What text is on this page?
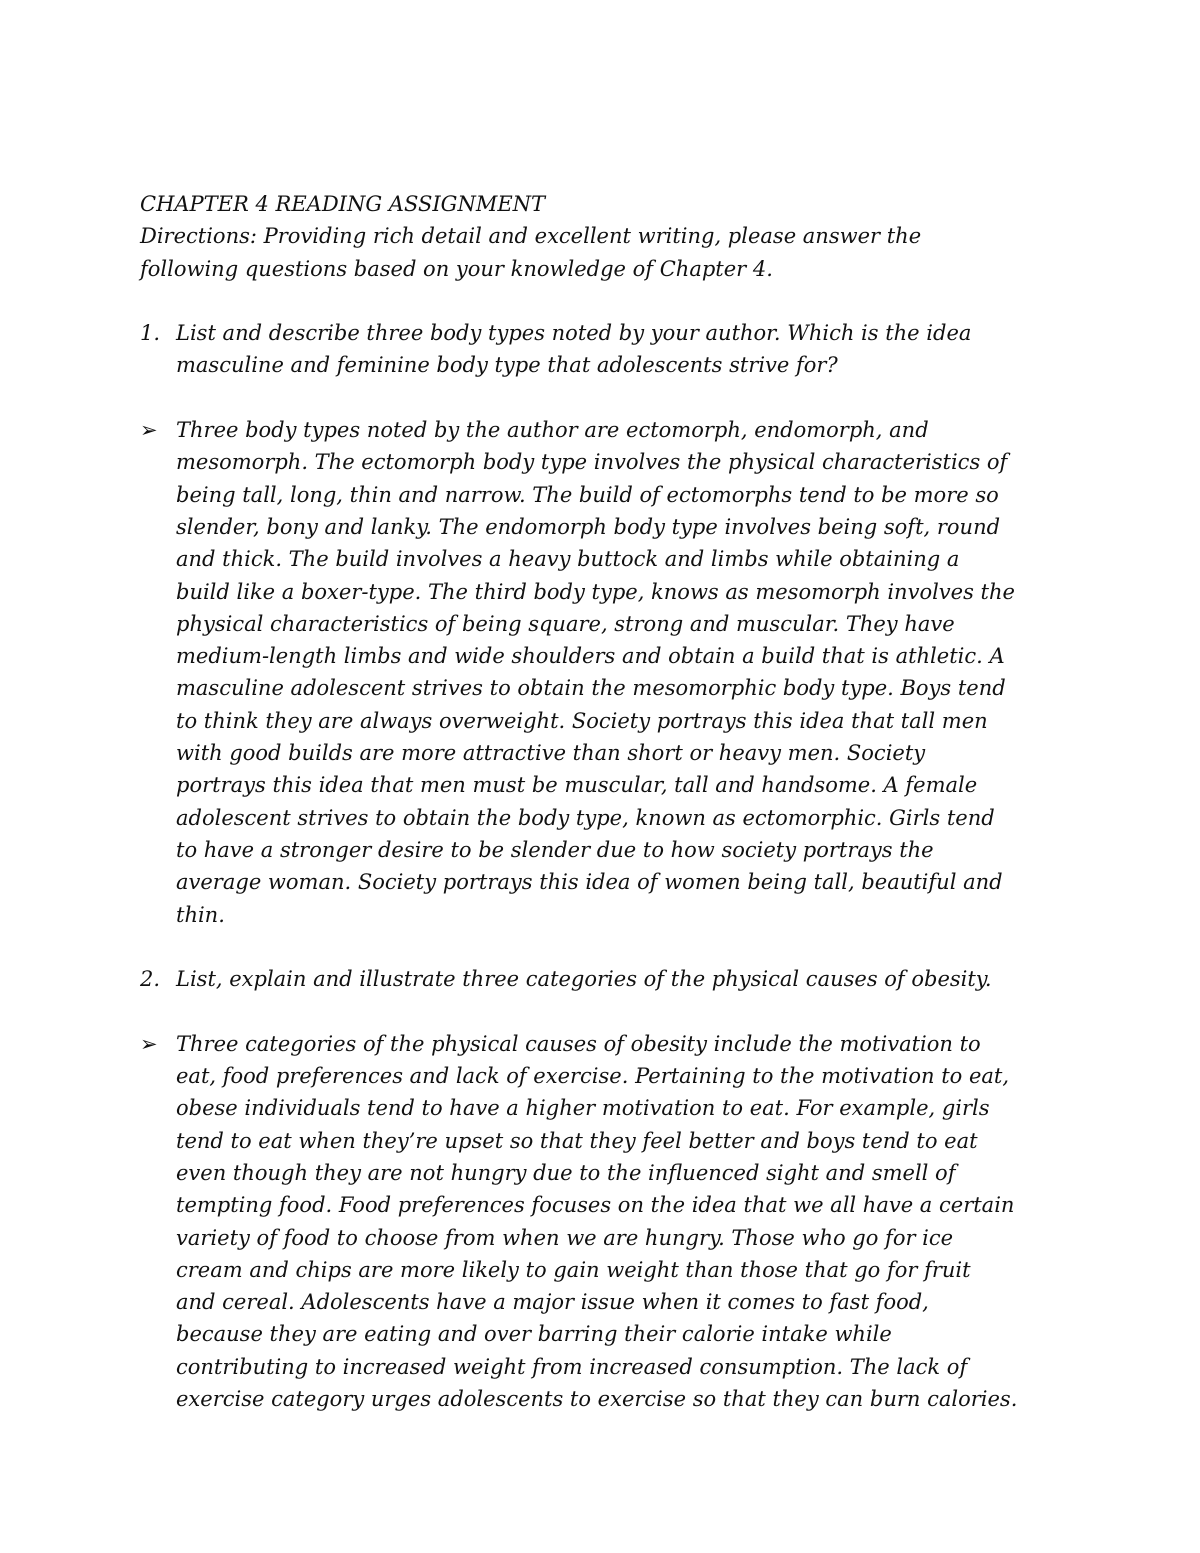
CHAPTER 4 READING ASSIGNMENT

Directions: Providing rich detail and excellent writing, please answer the
following questions based on your knowledge of Chapter 4.

1. List and describe three body types noted by your author. Which is the idea
masculine and feminine body type that adolescents strive for?
➢ Three body types noted by the author are ectomorph, endomorph, and
mesomorph. The ectomorph body type involves the physical characteristics of
being tall, long, thin and narrow. The build of ectomorphs tend to be more so
slender, bony and lanky. The endomorph body type involves being soft, round
and thick. The build involves a heavy buttock and limbs while obtaining a
build like a boxer-type. The third body type, knows as mesomorph involves the
physical characteristics of being square, strong and muscular. They have
medium-length limbs and wide shoulders and obtain a build that is athletic. A
masculine adolescent strives to obtain the mesomorphic body type. Boys tend
to think they are always overweight. Society portrays this idea that tall men
with good builds are more attractive than short or heavy men. Society
portrays this idea that men must be muscular, tall and handsome. A female
adolescent strives to obtain the body type, known as ectomorphic. Girls tend
to have a stronger desire to be slender due to how society portrays the
average woman. Society portrays this idea of women being tall, beautiful and
thin.
2. List, explain and illustrate three categories of the physical causes of obesity.
➢ Three categories of the physical causes of obesity include the motivation to
eat, food preferences and lack of exercise. Pertaining to the motivation to eat,
obese individuals tend to have a higher motivation to eat. For example, girls
tend to eat when they’re upset so that they feel better and boys tend to eat
even though they are not hungry due to the influenced sight and smell of
tempting food. Food preferences focuses on the idea that we all have a certain
variety of food to choose from when we are hungry. Those who go for ice
cream and chips are more likely to gain weight than those that go for fruit
and cereal. Adolescents have a major issue when it comes to fast food,
because they are eating and over barring their calorie intake while
contributing to increased weight from increased consumption. The lack of
exercise category urges adolescents to exercise so that they can burn calories.
